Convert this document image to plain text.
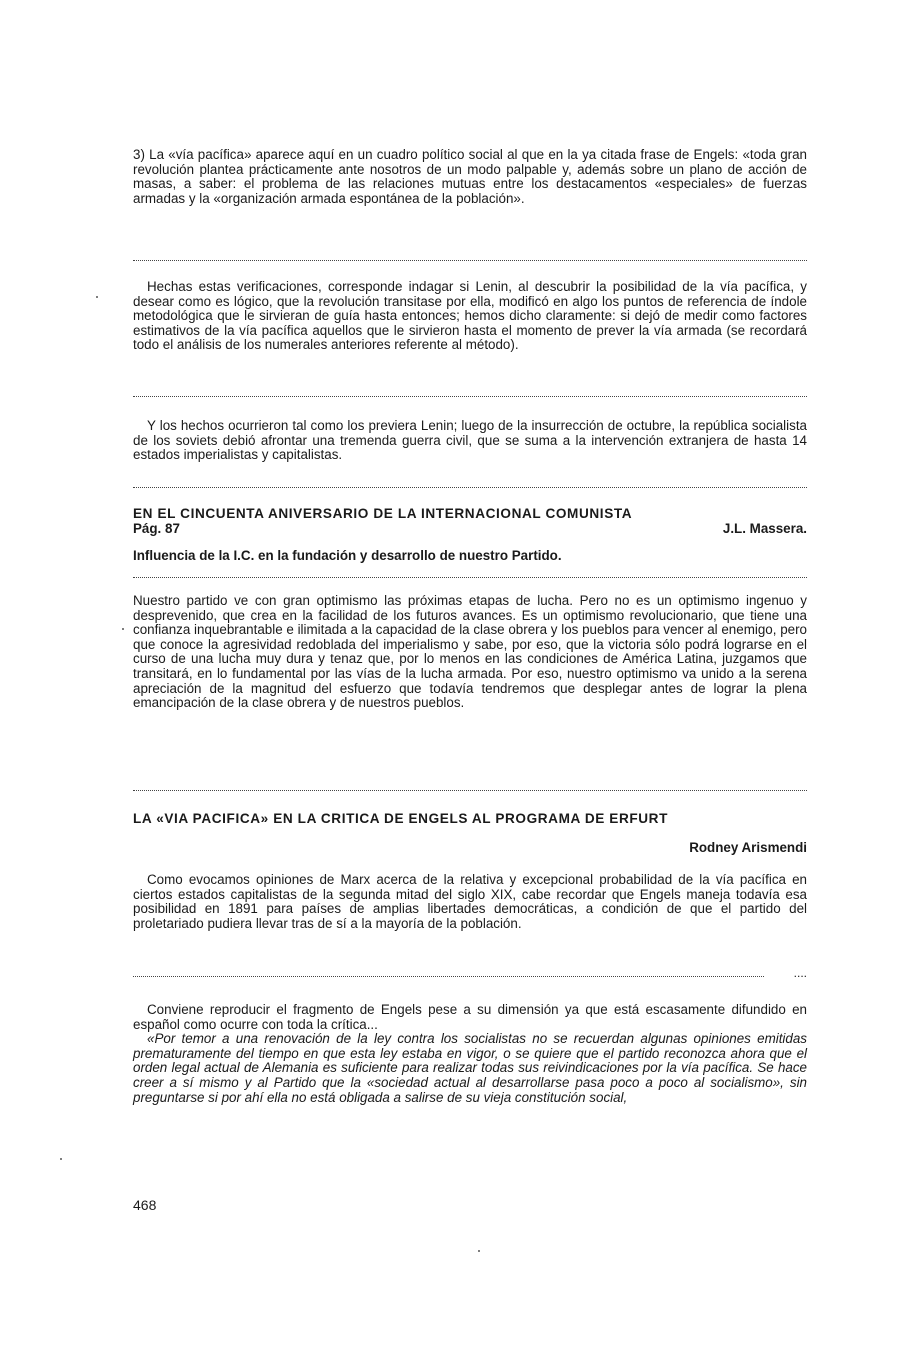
3) La «vía pacífica» aparece aquí en un cuadro político social al que en la ya citada frase de Engels: «toda gran revolución plantea prácticamente ante nosotros de un modo palpable y, además sobre un plano de acción de masas, a saber: el problema de las relaciones mutuas entre los destacamentos «especiales» de fuerzas armadas y la «organización armada espontánea de la población».

Hechas estas verificaciones, corresponde indagar si Lenin, al descubrir la posibilidad de la vía pacífica, y desear como es lógico, que la revolución transitase por ella, modificó en algo los puntos de referencia de índole metodológica que le sirvieran de guía hasta entonces; hemos dicho claramente: si dejó de medir como factores estimativos de la vía pacífica aquellos que le sirvieron hasta el momento de prever la vía armada (se recordará todo el análisis de los numerales anteriores referente al método).

Y los hechos ocurrieron tal como los previera Lenin; luego de la insurrección de octubre, la república socialista de los soviets debió afrontar una tremenda guerra civil, que se suma a la intervención extranjera de hasta 14 estados imperialistas y capitalistas.

EN EL CINCUENTA ANIVERSARIO DE LA INTERNACIONAL COMUNISTA

Pág. 87	J.L. Massera.

Influencia de la I.C. en la fundación y desarrollo de nuestro Partido.

Nuestro partido ve con gran optimismo las próximas etapas de lucha. Pero no es un optimismo ingenuo y desprevenido, que crea en la facilidad de los futuros avances. Es un optimismo revolucionario, que tiene una confianza inquebrantable e ilimitada a la capacidad de la clase obrera y los pueblos para vencer al enemigo, pero que conoce la agresividad redoblada del imperialismo y sabe, por eso, que la victoria sólo podrá lograrse en el curso de una lucha muy dura y tenaz que, por lo menos en las condiciones de América Latina, juzgamos que transitará, en lo fundamental por las vías de la lucha armada. Por eso, nuestro optimismo va unido a la serena apreciación de la magnitud del esfuerzo que todavía tendremos que desplegar antes de lograr la plena emancipación de la clase obrera y de nuestros pueblos.

LA «VIA PACIFICA» EN LA CRITICA DE ENGELS AL PROGRAMA DE ERFURT

Rodney Arismendi

Como evocamos opiniones de Marx acerca de la relativa y excepcional probabilidad de la vía pacífica en ciertos estados capitalistas de la segunda mitad del siglo XIX, cabe recordar que Engels maneja todavía esa posibilidad en 1891 para países de amplias libertades democráticas, a condición de que el partido del proletariado pudiera llevar tras de sí a la mayoría de la población.

....

Conviene reproducir el fragmento de Engels pese a su dimensión ya que está escasamente difundido en español como ocurre con toda la crítica...

«Por temor a una renovación de la ley contra los socialistas no se recuerdan algunas opiniones emitidas prematuramente del tiempo en que esta ley estaba en vigor, o se quiere que el partido reconozca ahora que el orden legal actual de Alemania es suficiente para realizar todas sus reivindicaciones por la vía pacífica. Se hace creer a sí mismo y al Partido que la «sociedad actual al desarrollarse pasa poco a poco al socialismo», sin preguntarse si por ahí ella no está obligada a salirse de su vieja constitución social,

468
